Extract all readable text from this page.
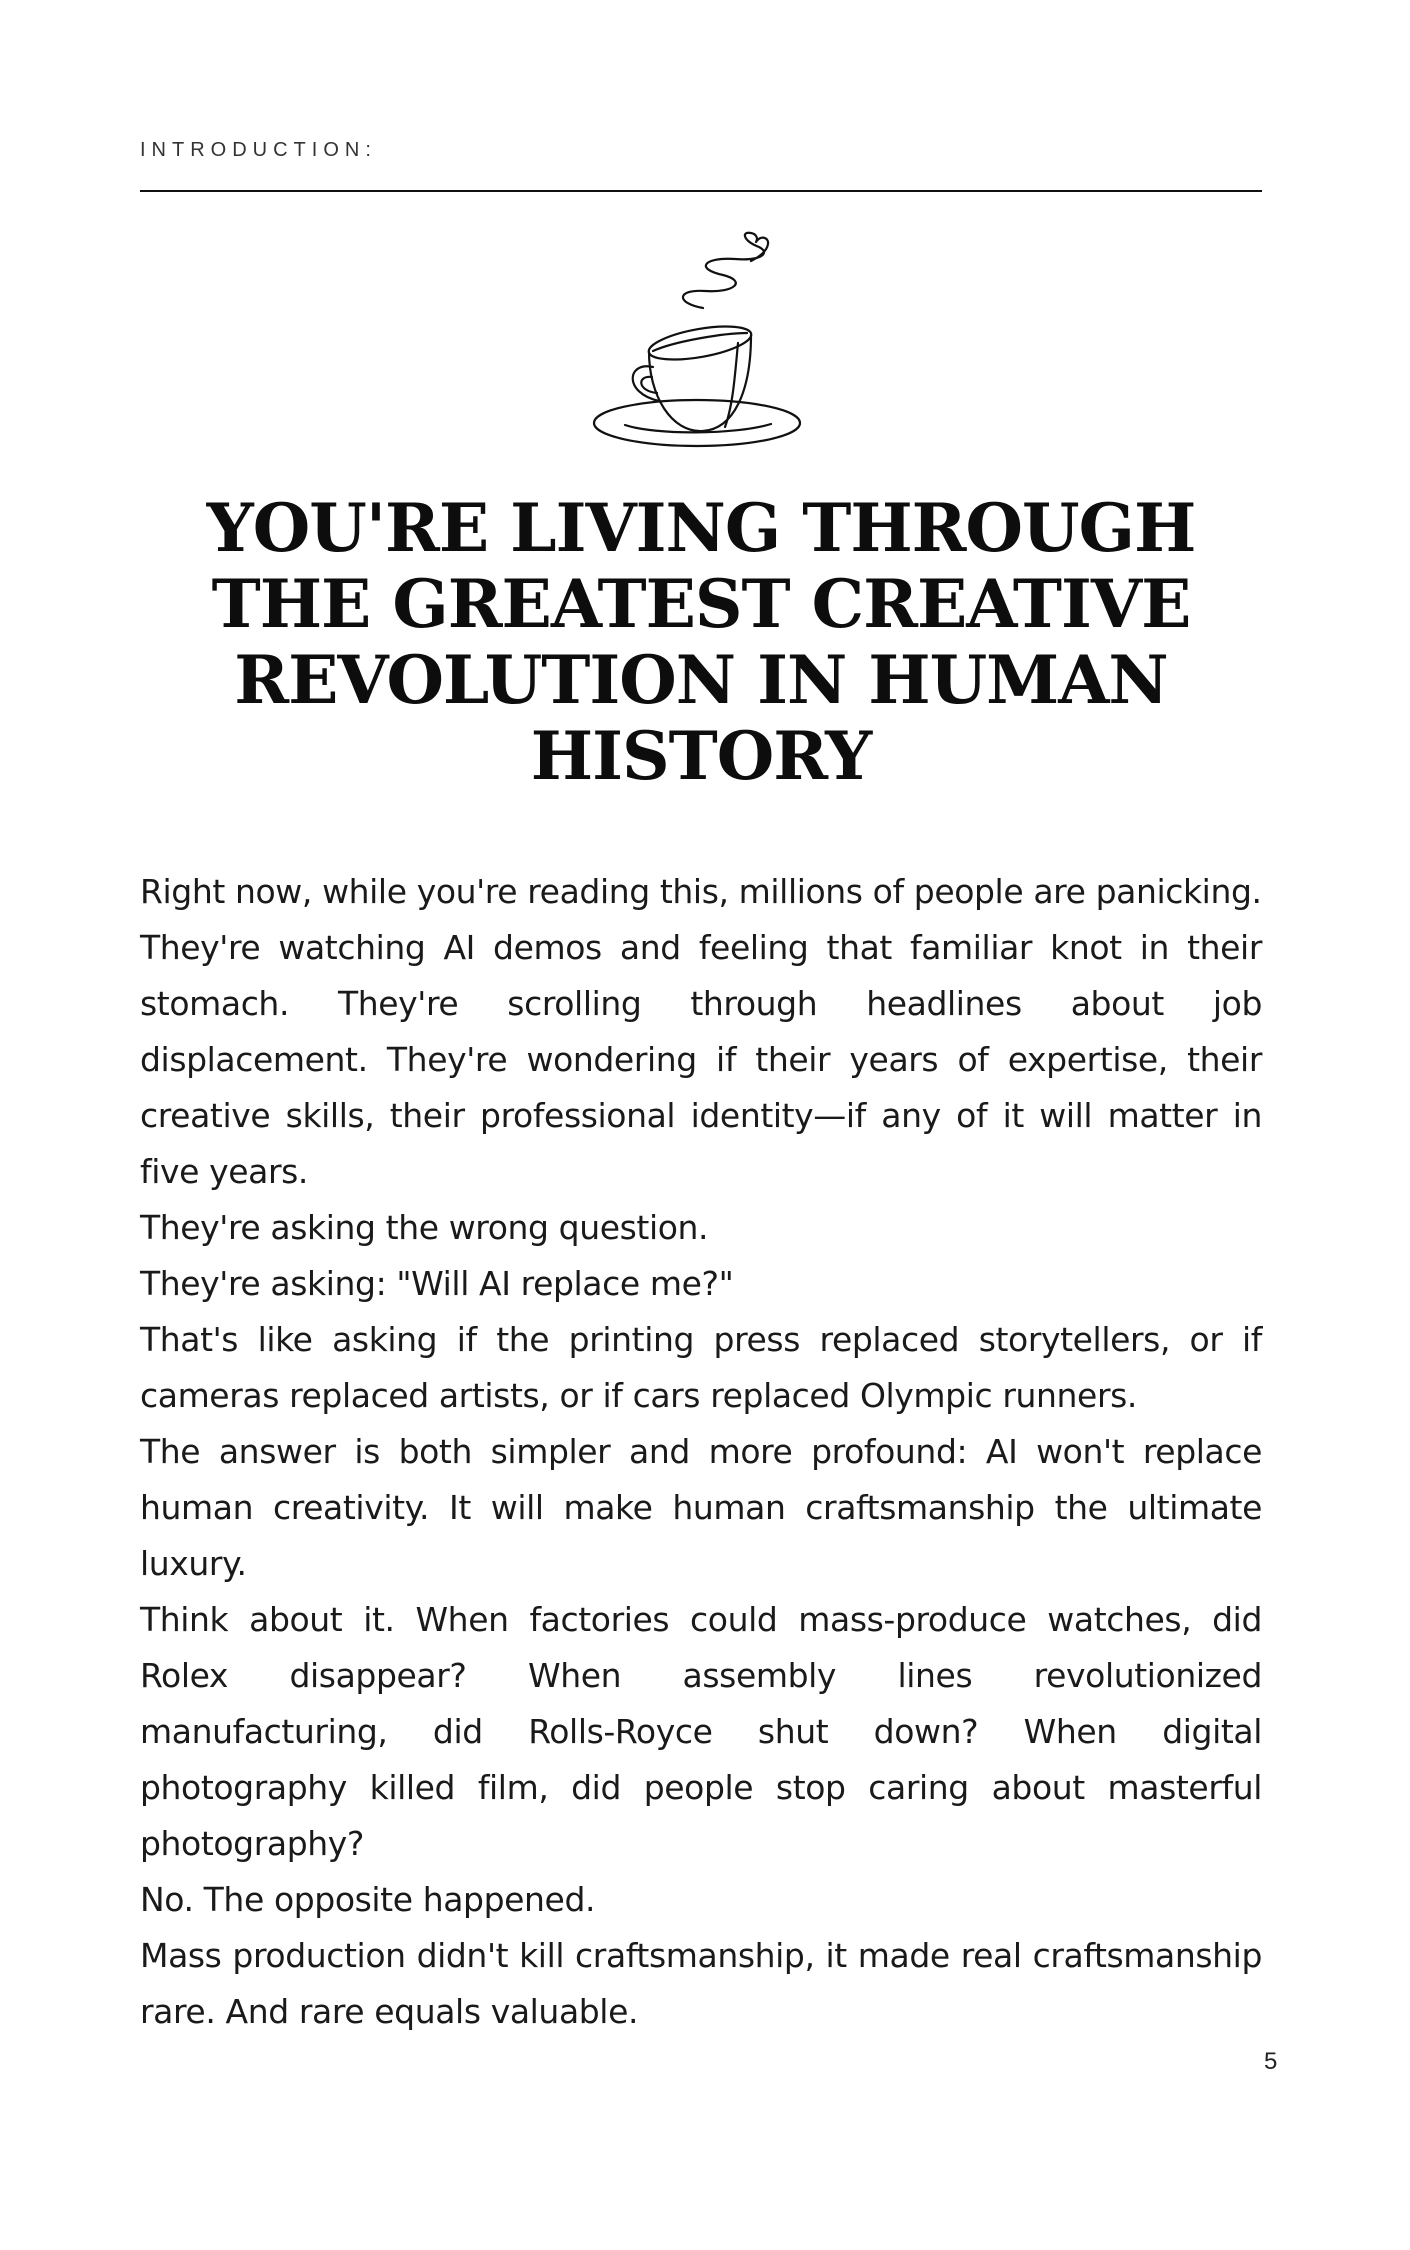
INTRODUCTION:
YOU'RE LIVING THROUGH THE GREATEST CREATIVE REVOLUTION IN HUMAN HISTORY

Right now, while you're reading this, millions of people are panicking.

They're watching AI demos and feeling that familiar knot in their stomach. They're scrolling through headlines about job displacement. They're wondering if their years of expertise, their creative skills, their professional identity—if any of it will matter in five years.

They're asking the wrong question.

They're asking: "Will AI replace me?"

That's like asking if the printing press replaced storytellers, or if cameras replaced artists, or if cars replaced Olympic runners.

The answer is both simpler and more profound: AI won't replace human creativity. It will make human craftsmanship the ultimate luxury.

Think about it. When factories could mass-produce watches, did Rolex disappear? When assembly lines revolutionized manufacturing, did Rolls-Royce shut down? When digital photography killed film, did people stop caring about masterful photography?

No. The opposite happened.

Mass production didn't kill craftsmanship, it made real craftsmanship rare. And rare equals valuable.

5
